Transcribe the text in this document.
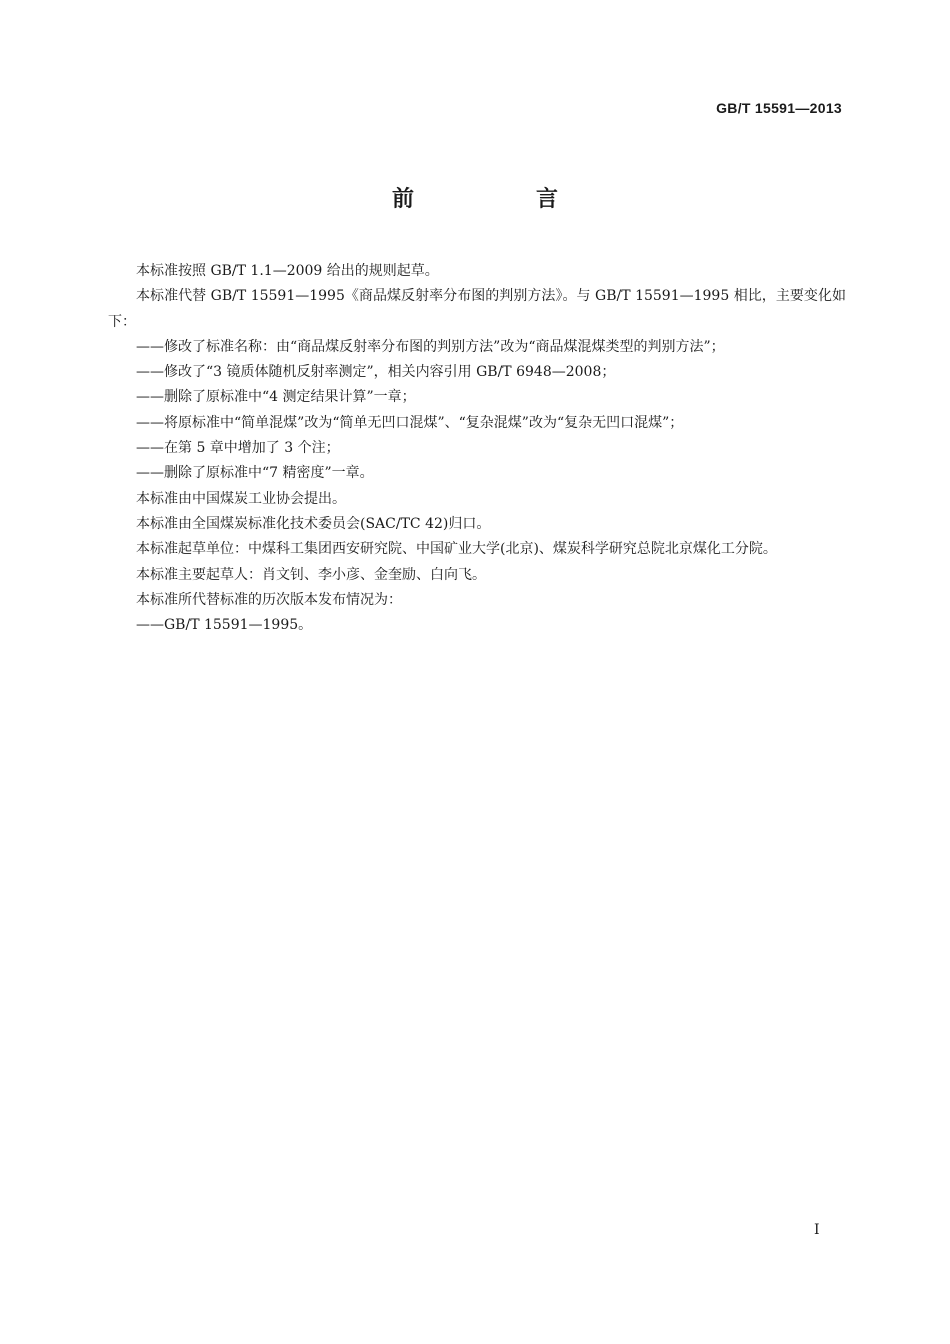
GB/T 15591—2013
前　言

本标准按照 GB/T 1.1—2009 给出的规则起草。

本标准代替 GB/T 15591—1995《商品煤反射率分布图的判别方法》。与 GB/T 15591—1995 相比，主要变化如下：

——修改了标准名称：由“商品煤反射率分布图的判别方法”改为“商品煤混煤类型的判别方法”；

——修改了“3 镜质体随机反射率测定”，相关内容引用 GB/T 6948—2008；

——删除了原标准中“4 测定结果计算”一章；

——将原标准中“简单混煤”改为“简单无凹口混煤”、“复杂混煤”改为“复杂无凹口混煤”；

——在第 5 章中增加了 3 个注；

——删除了原标准中“7 精密度”一章。

本标准由中国煤炭工业协会提出。

本标准由全国煤炭标准化技术委员会(SAC/TC 42)归口。

本标准起草单位：中煤科工集团西安研究院、中国矿业大学(北京)、煤炭科学研究总院北京煤化工分院。

本标准主要起草人：肖文钊、李小彦、金奎励、白向飞。

本标准所代替标准的历次版本发布情况为：

——GB/T 15591—1995。

I
